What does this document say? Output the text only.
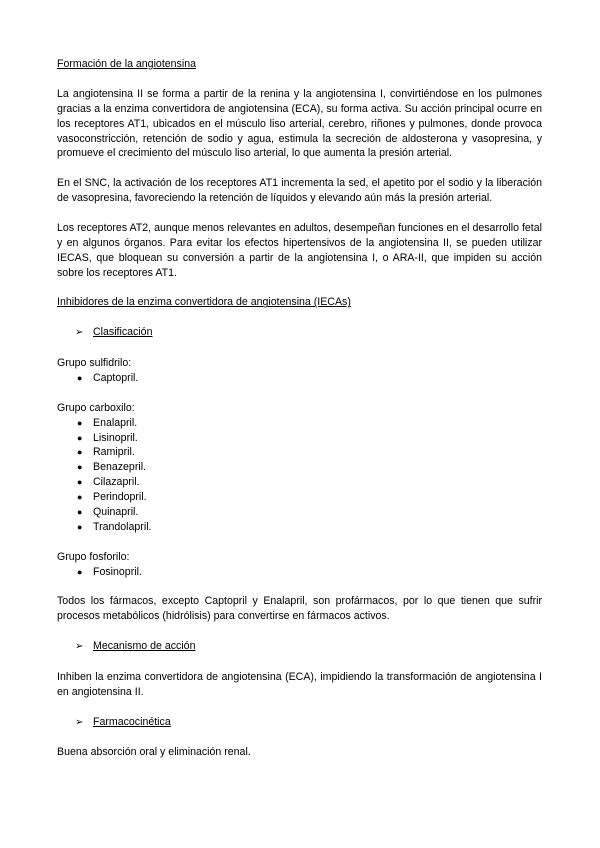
Formación de la angiotensina

La angiotensina II se forma a partir de la renina y la angiotensina I, convirtiéndose en los pulmones gracias a la enzima convertidora de angiotensina (ECA), su forma activa. Su acción principal ocurre en los receptores AT1, ubicados en el músculo liso arterial, cerebro, riñones y pulmones, donde provoca vasoconstricción, retención de sodio y agua, estimula la secreción de aldosterona y vasopresina, y promueve el crecimiento del músculo liso arterial, lo que aumenta la presión arterial.

En el SNC, la activación de los receptores AT1 incrementa la sed, el apetito por el sodio y la liberación de vasopresina, favoreciendo la retención de líquidos y elevando aún más la presión arterial.

Los receptores AT2, aunque menos relevantes en adultos, desempeñan funciones en el desarrollo fetal y en algunos órganos. Para evitar los efectos hipertensivos de la angiotensina II, se pueden utilizar IECAS, que bloquean su conversión a partir de la angiotensina I, o ARA-II, que impiden su acción sobre los receptores AT1.

Inhibidores de la enzima convertidora de angiotensina (IECAs)

➢ Clasificación

Grupo sulfidrilo:

● Captopril.

Grupo carboxilo:

● Enalapril.
● Lisinopril.
● Ramipril.
● Benazepril.
● Cilazapril.
● Perindopril.
● Quinapril.
● Trandolapril.

Grupo fosforilo:

● Fosinopril.

Todos los fármacos, excepto Captopril y Enalapril, son profármacos, por lo que tienen que sufrir procesos metabólicos (hidrólisis) para convertirse en fármacos activos.

➢ Mecanismo de acción

Inhiben la enzima convertidora de angiotensina (ECA), impidiendo la transformación de angiotensina I en angiotensina II.

➢ Farmacocinética

Buena absorción oral y eliminación renal.
